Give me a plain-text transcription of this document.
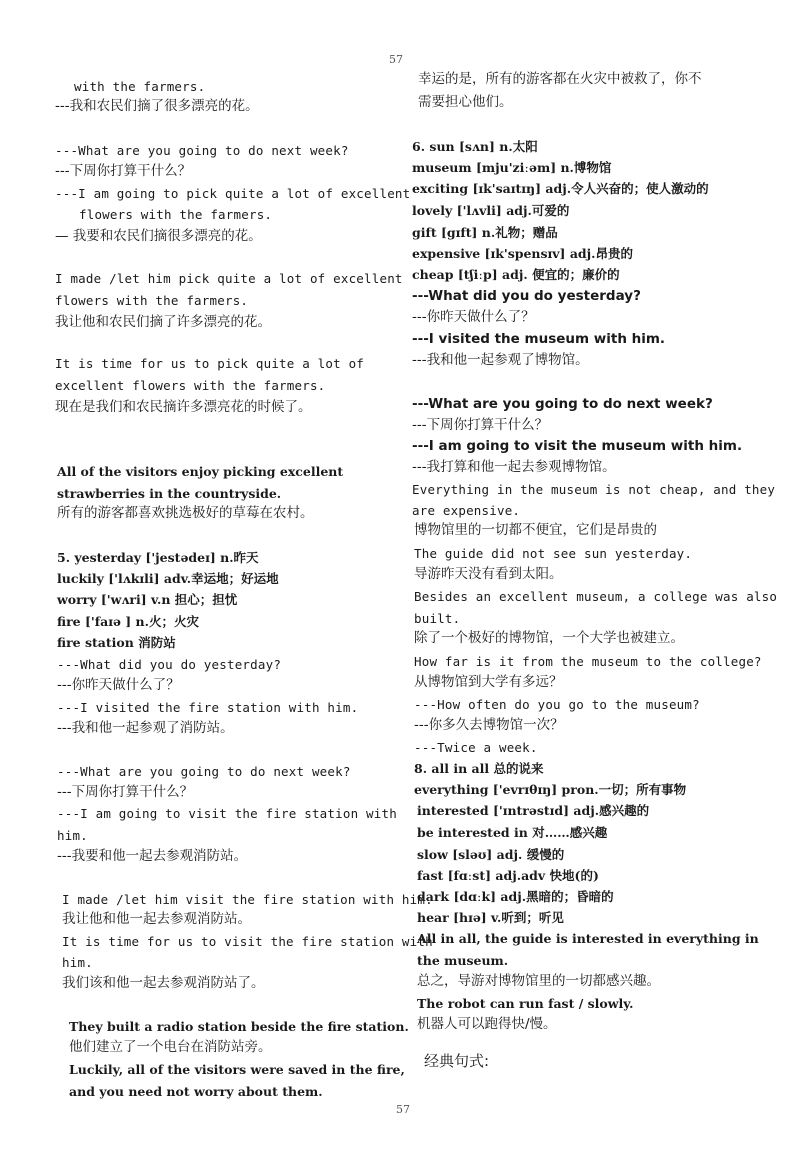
57
with the farmers.
---我和农民们摘了很多漂亮的花。
---What are you going to do next week?
---下周你打算干什么？
---I am going to pick quite a lot of excellent
flowers with the farmers.
— 我要和农民们摘很多漂亮的花。
I made /let him pick quite a lot of excellent
flowers with the farmers.
我让他和农民们摘了许多漂亮的花。
It is time for us to pick quite a lot of
excellent flowers with the farmers.
现在是我们和农民摘许多漂亮花的时候了。
All of the visitors enjoy picking excellent
strawberries in the countryside.
所有的游客都喜欢挑选极好的草莓在农村。
5. yesterday ['jestədeɪ] n.昨天
luckily ['lʌkɪli] adv.幸运地；好运地
worry ['wʌri] v.n 担心；担忧
fire ['faɪə ] n.火；火灾
fire station 消防站
---What did you do yesterday?
---你昨天做什么了？
---I visited the fire station with him.
---我和他一起参观了消防站。
---What are you going to do next week?
---下周你打算干什么？
---I am going to visit the fire station with
him.
---我要和他一起去参观消防站。
I made /let him visit the fire station with him.
我让他和他一起去参观消防站。
It is time for us to visit the fire station with
him.
我们该和他一起去参观消防站了。
They built a radio station beside the fire station.
他们建立了一个电台在消防站旁。
Luckily, all of the visitors were saved in the fire,
and you need not worry about them.
幸运的是，所有的游客都在火灾中被救了，你不
需要担心他们。
6. sun [sʌn] n.太阳
museum [mju'ziːəm] n.博物馆
exciting [ɪk'saɪtɪŋ] adj.令人兴奋的；使人激动的
lovely ['lʌvli] adj.可爱的
gift [gɪft] n.礼物；赠品
expensive [ɪk'spensɪv] adj.昂贵的
cheap [tʃiːp] adj. 便宜的；廉价的
---What did you do yesterday?
---你昨天做什么了？
---I visited the museum with him.
---我和他一起参观了博物馆。
---What are you going to do next week?
---下周你打算干什么？
---I am going to visit the museum with him.
---我打算和他一起去参观博物馆。
Everything in the museum is not cheap, and they
are expensive.
博物馆里的一切都不便宜，它们是昂贵的
The guide did not see sun yesterday.
导游昨天没有看到太阳。
Besides an excellent museum, a college was also
built.
除了一个极好的博物馆，一个大学也被建立。
How far is it from the museum to the college?
从博物馆到大学有多远？
---How often do you go to the museum?
---你多久去博物馆一次？
---Twice a week.
8. all in all 总的说来
everything ['evrɪθɪŋ] pron.一切；所有事物
interested ['ɪntrəstɪd] adj.感兴趣的
be interested in 对……感兴趣
slow [sləʊ] adj. 缓慢的
fast [fɑːst] adj.adv 快地(的)
dark [dɑːk] adj.黑暗的；昏暗的
hear [hɪə] v.听到；听见
All in all, the guide is interested in everything in
the museum.
总之，导游对博物馆里的一切都感兴趣。
The robot can run fast / slowly.
机器人可以跑得快/慢。
经典句式:
57
